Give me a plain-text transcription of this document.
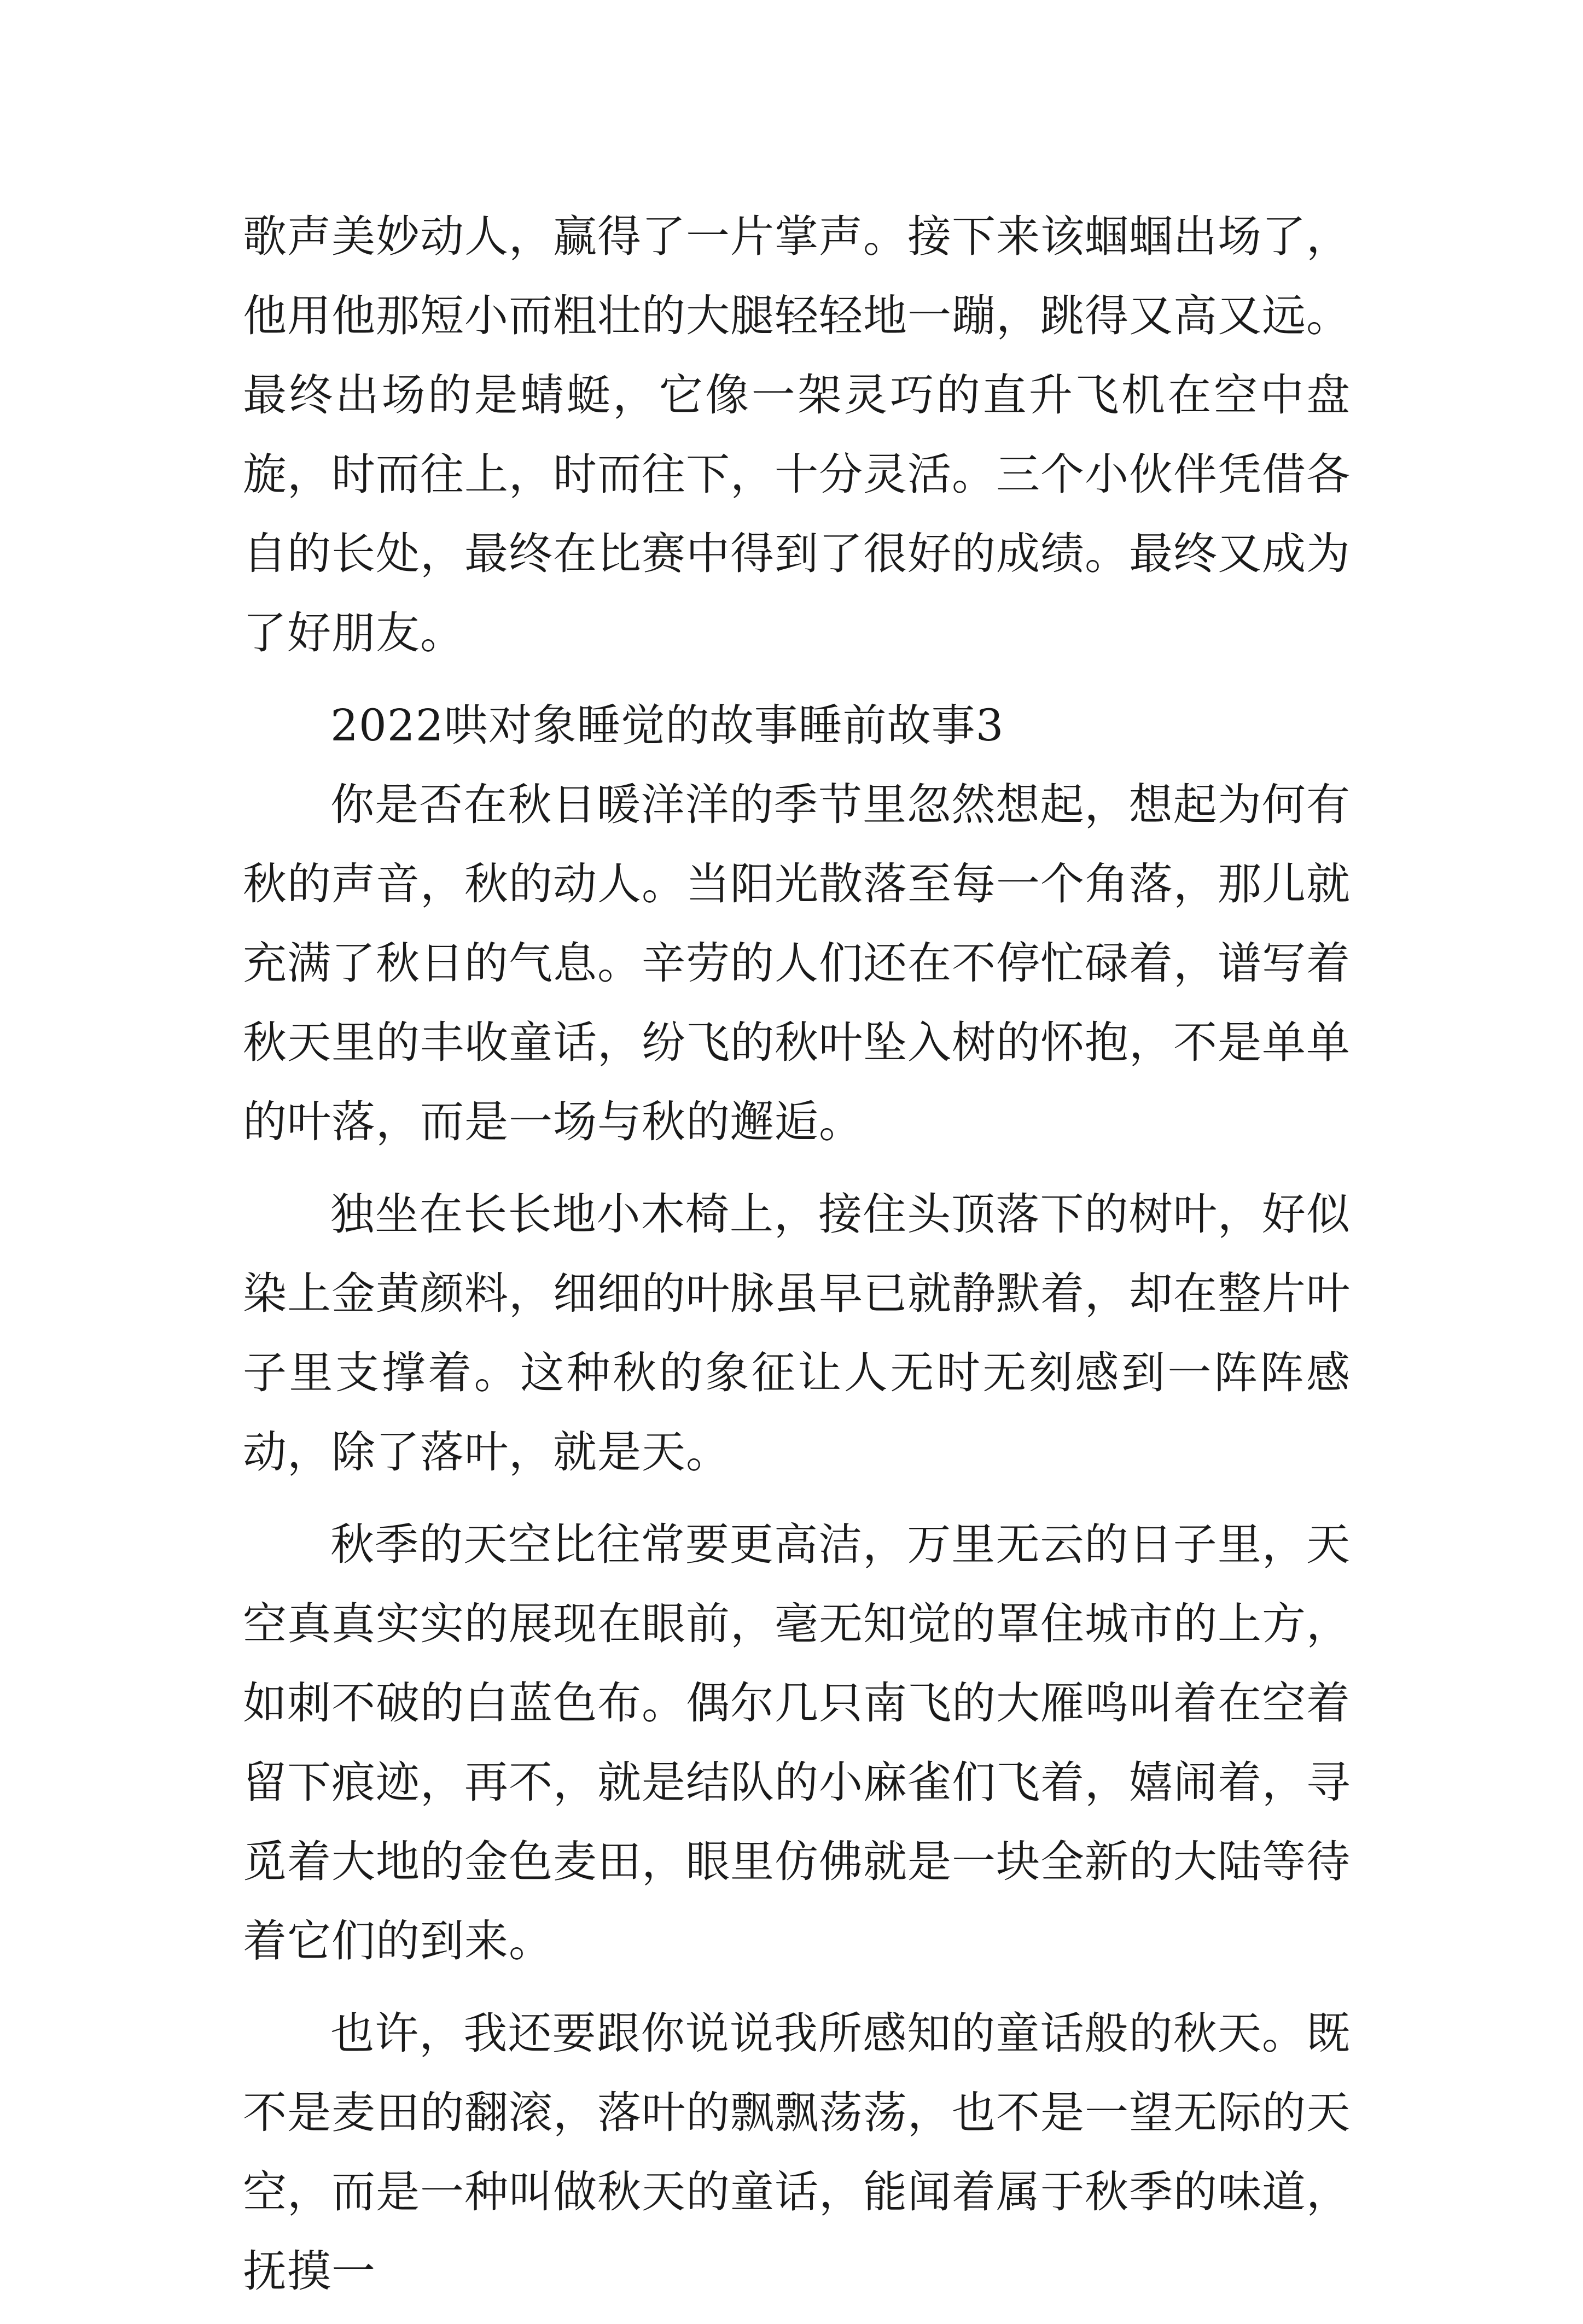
歌声美妙动人，赢得了一片掌声。接下来该蝈蝈出场了，他用他那短小而粗壮的大腿轻轻地一蹦，跳得又高又远。最终出场的是蜻蜓，它像一架灵巧的直升飞机在空中盘旋，时而往上，时而往下，十分灵活。三个小伙伴凭借各自的长处，最终在比赛中得到了很好的成绩。最终又成为了好朋友。

2022哄对象睡觉的故事睡前故事3

你是否在秋日暖洋洋的季节里忽然想起，想起为何有秋的声音，秋的动人。当阳光散落至每一个角落，那儿就充满了秋日的气息。辛劳的人们还在不停忙碌着，谱写着秋天里的丰收童话，纷飞的秋叶坠入树的怀抱，不是单单的叶落，而是一场与秋的邂逅。

独坐在长长地小木椅上，接住头顶落下的树叶，好似染上金黄颜料，细细的叶脉虽早已就静默着，却在整片叶子里支撑着。这种秋的象征让人无时无刻感到一阵阵感动，除了落叶，就是天。

秋季的天空比往常要更高洁，万里无云的日子里，天空真真实实的展现在眼前，毫无知觉的罩住城市的上方，如刺不破的白蓝色布。偶尔几只南飞的大雁鸣叫着在空着留下痕迹，再不，就是结队的小麻雀们飞着，嬉闹着，寻觅着大地的金色麦田，眼里仿佛就是一块全新的大陆等待着它们的到来。

也许，我还要跟你说说我所感知的童话般的秋天。既不是麦田的翻滚，落叶的飘飘荡荡，也不是一望无际的天空，而是一种叫做秋天的童话，能闻着属于秋季的味道，抚摸一
